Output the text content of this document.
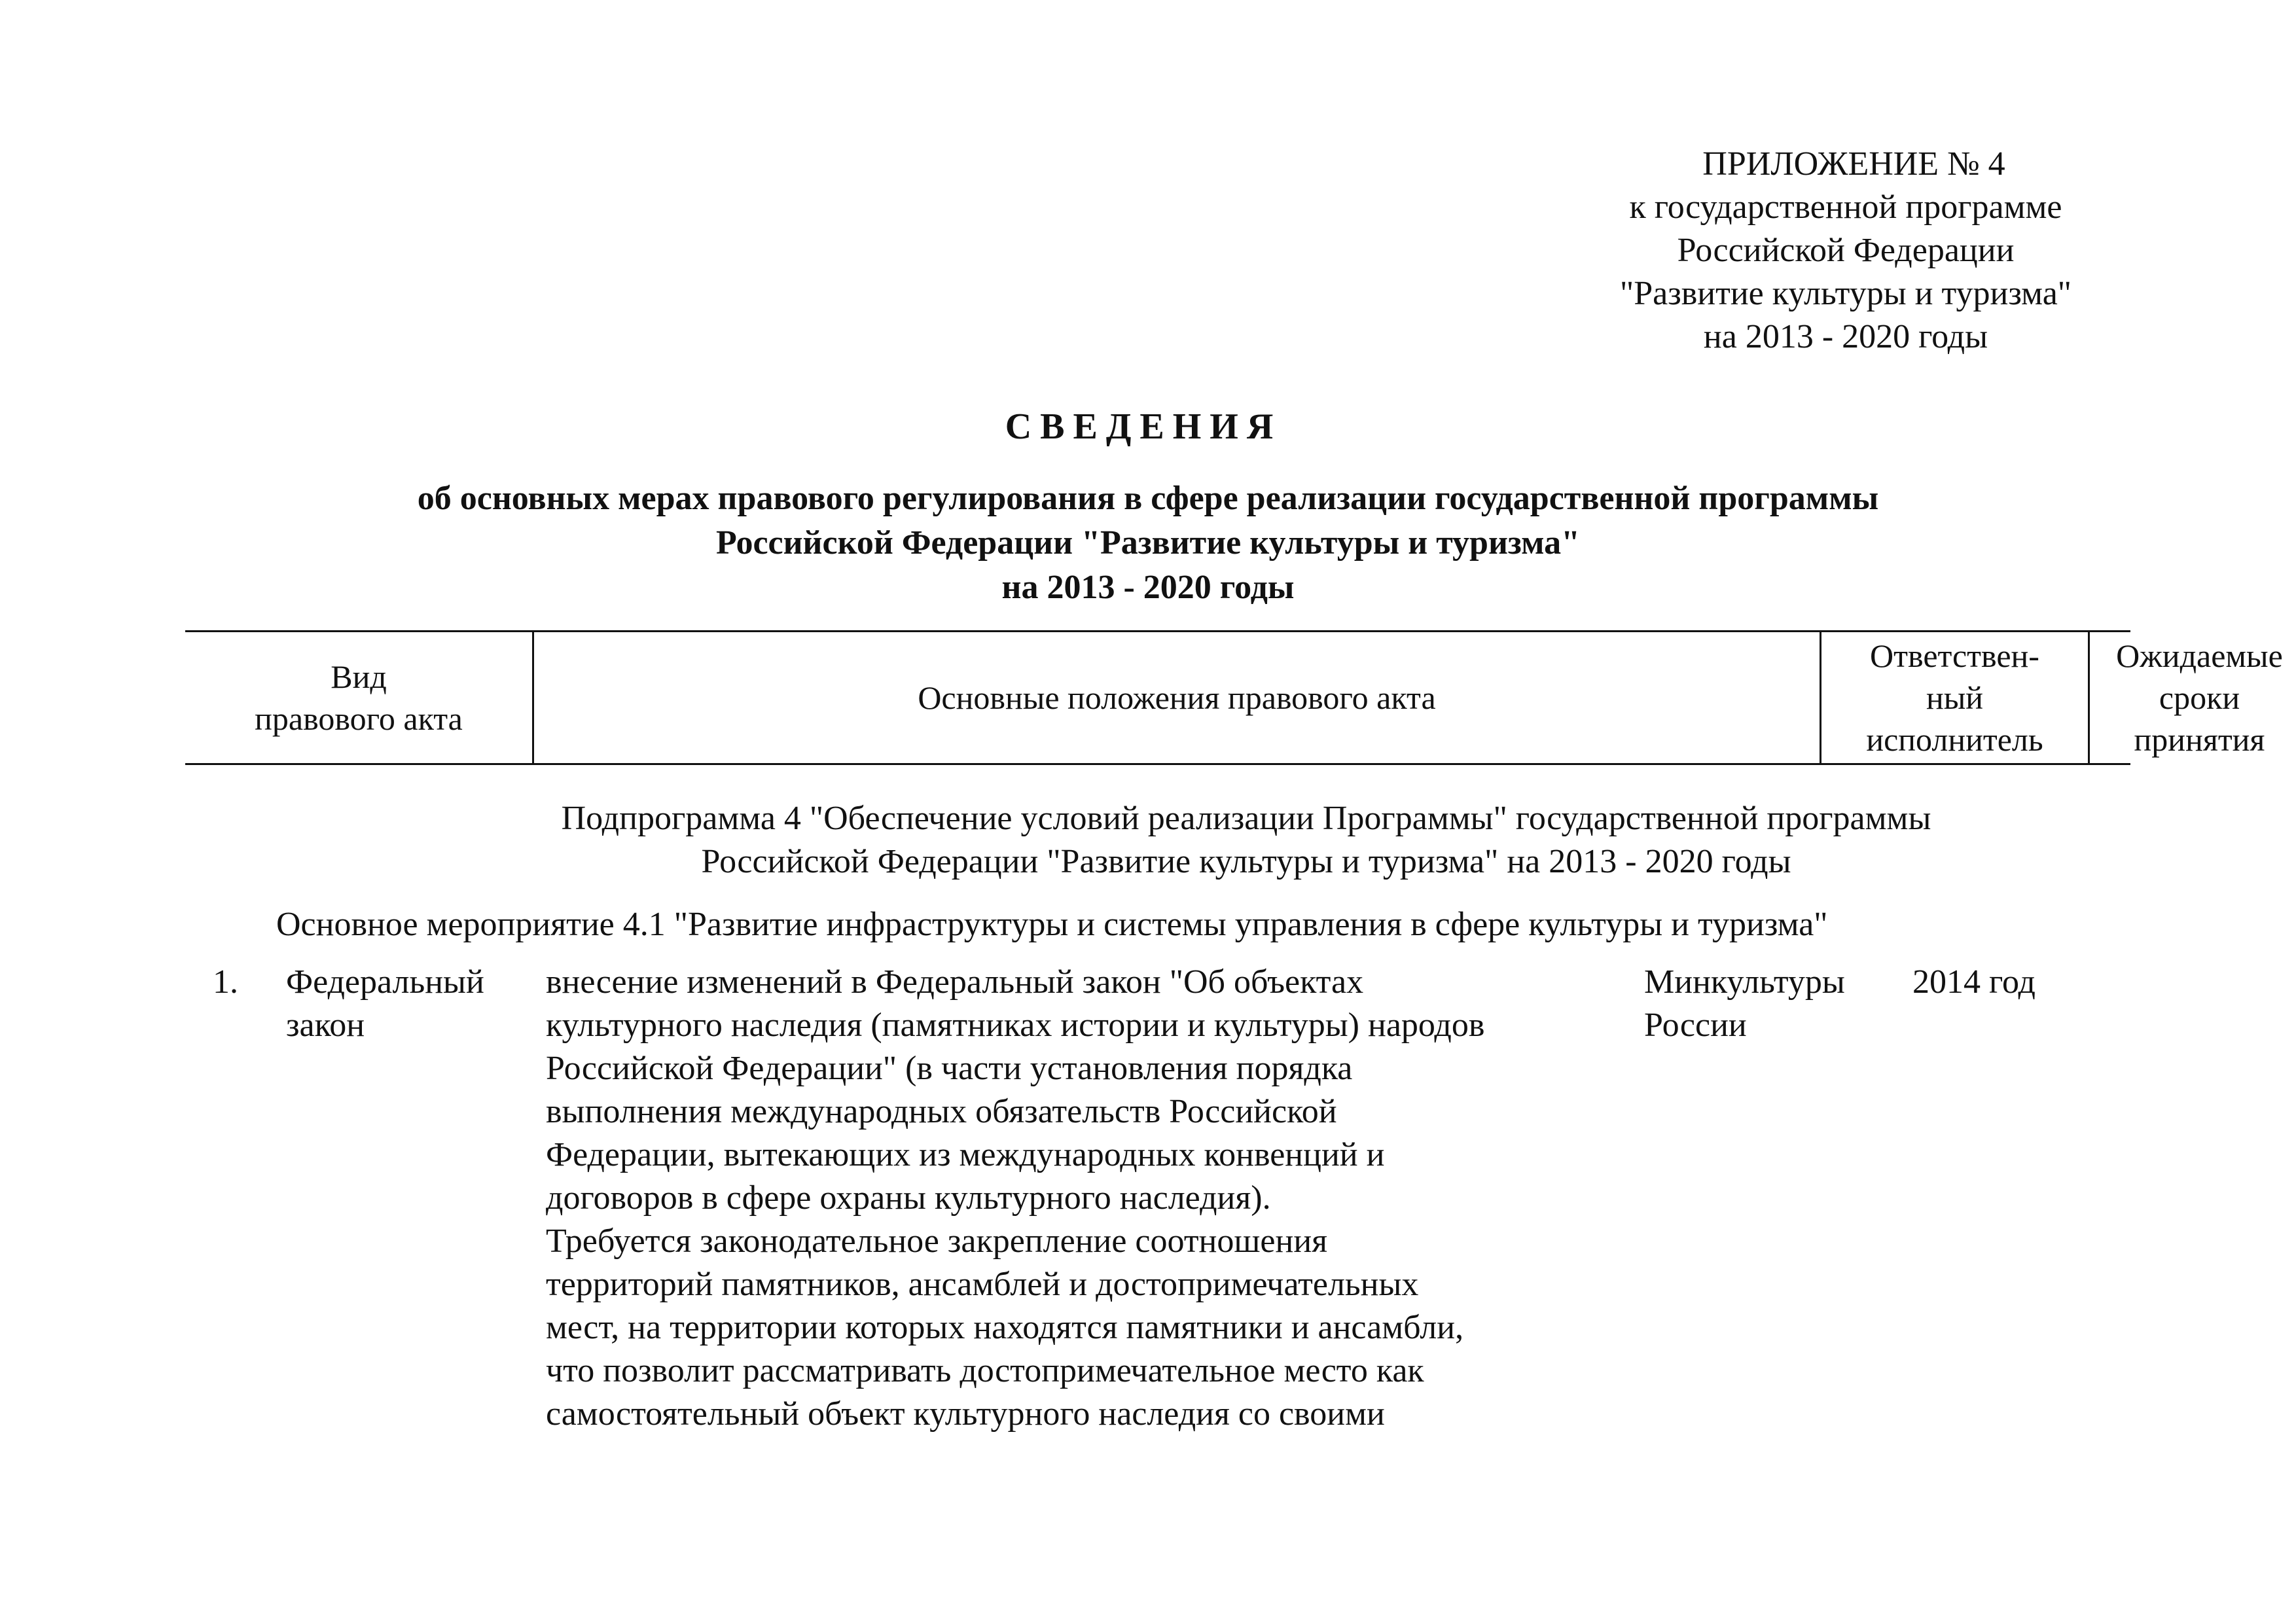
ПРИЛОЖЕНИЕ № 4
к государственной программе
Российской Федерации
"Развитие культуры и туризма"
на 2013 - 2020 годы
СВЕДЕНИЯ
об основных мерах правового регулирования в сфере реализации государственной программы
Российской Федерации "Развитие культуры и туризма"
на 2013 - 2020 годы
Вид
правового акта
Основные положения правового акта
Ответствен-
ный
исполнитель
Ожидаемые
сроки
принятия
Подпрограмма 4 "Обеспечение условий реализации Программы" государственной программы
Российской Федерации "Развитие культуры и туризма" на 2013 - 2020 годы
Основное мероприятие 4.1 "Развитие инфраструктуры и системы управления в сфере культуры и туризма"
1. Федеральный
закон
внесение изменений в Федеральный закон "Об объектах
культурного наследия (памятниках истории и культуры) народов
Российской Федерации" (в части установления порядка
выполнения международных обязательств Российской
Федерации, вытекающих из международных конвенций и
договоров в сфере охраны культурного наследия).
Требуется законодательное закрепление соотношения
территорий памятников, ансамблей и достопримечательных
мест, на территории которых находятся памятники и ансамбли,
что позволит рассматривать достопримечательное место как
самостоятельный объект культурного наследия со своими
Минкультуры
России
2014 год
